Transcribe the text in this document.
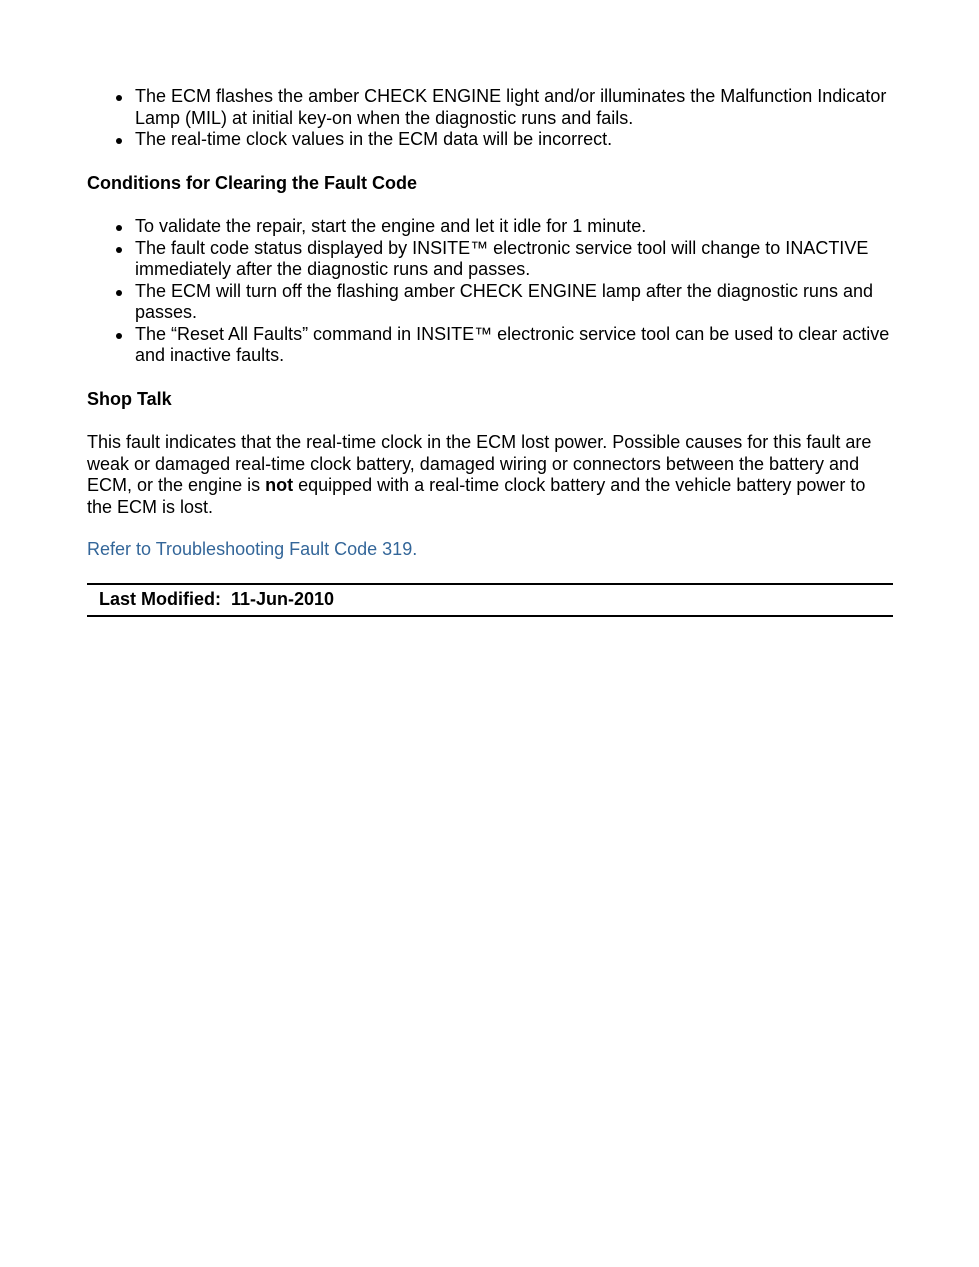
The ECM flashes the amber CHECK ENGINE light and/or illuminates the Malfunction Indicator Lamp (MIL) at initial key-on when the diagnostic runs and fails.
The real-time clock values in the ECM data will be incorrect.

Conditions for Clearing the Fault Code

To validate the repair, start the engine and let it idle for 1 minute.
The fault code status displayed by INSITE™ electronic service tool will change to INACTIVE immediately after the diagnostic runs and passes.
The ECM will turn off the flashing amber CHECK ENGINE lamp after the diagnostic runs and passes.
The “Reset All Faults” command in INSITE™ electronic service tool can be used to clear active and inactive faults.

Shop Talk

This fault indicates that the real-time clock in the ECM lost power. Possible causes for this fault are weak or damaged real-time clock battery, damaged wiring or connectors between the battery and ECM, or the engine is not equipped with a real-time clock battery and the vehicle battery power to the ECM is lost.

Refer to Troubleshooting Fault Code 319.

Last Modified: 11-Jun-2010
